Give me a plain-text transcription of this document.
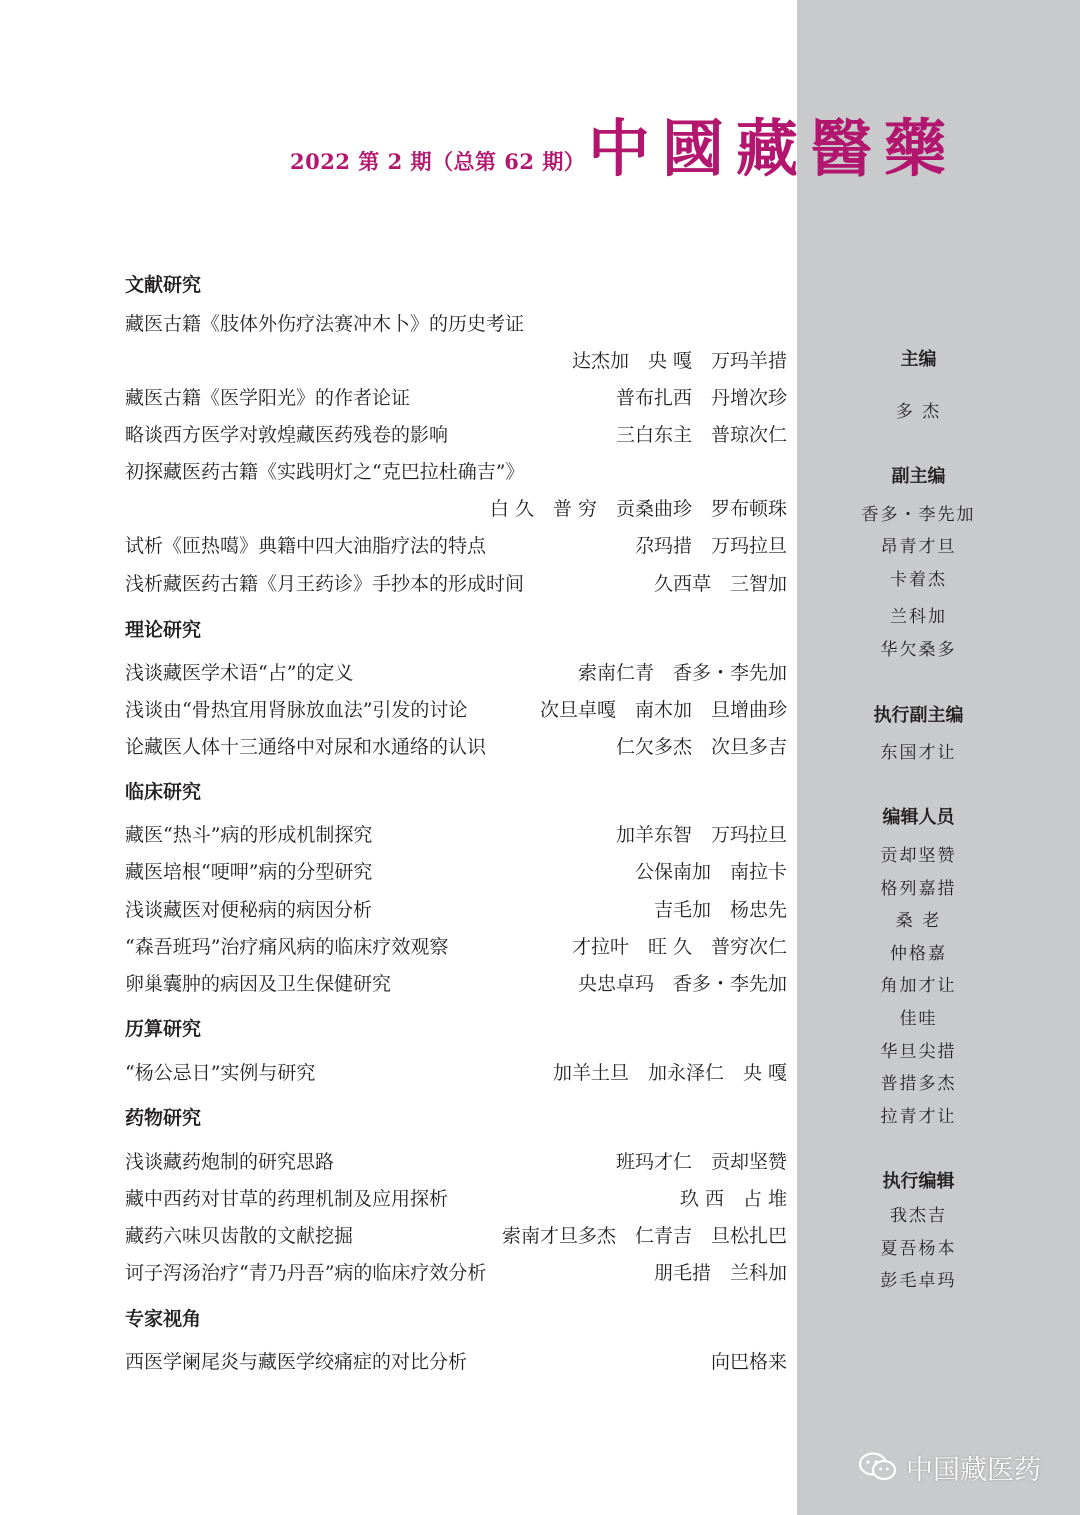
2022 第 2 期（总第 62 期） 中國藏醫藥
文献研究
藏医古籍《肢体外伤疗法赛冲木卜》的历史考证
达杰加　央 嘎　万玛羊措
藏医古籍《医学阳光》的作者论证	普布扎西　丹增次珍
略谈西方医学对敦煌藏医药残卷的影响	三白东主　普琼次仁
初探藏医药古籍《实践明灯之“克巴拉杜确吉”》
白 久　普 穷　贡桑曲珍　罗布顿珠
试析《匝热噶》典籍中四大油脂疗法的特点	尕玛措　万玛拉旦
浅析藏医药古籍《月王药诊》手抄本的形成时间	久西草　三智加
理论研究
浅谈藏医学术语“占”的定义	索南仁青　香多・李先加
浅谈由“骨热宜用肾脉放血法”引发的讨论	次旦卓嘎　南木加　旦增曲珍
论藏医人体十三通络中对尿和水通络的认识	仁欠多杰　次旦多吉
临床研究
藏医“热斗”病的形成机制探究	加羊东智　万玛拉旦
藏医培根“哽呷”病的分型研究	公保南加　南拉卡
浅谈藏医对便秘病的病因分析	吉毛加　杨忠先
“森吾班玛”治疗痛风病的临床疗效观察	才拉叶　旺 久　普穷次仁
卵巢囊肿的病因及卫生保健研究	央忠卓玛　香多・李先加
历算研究
“杨公忌日”实例与研究	加羊土旦　加永泽仁　央 嘎
药物研究
浅谈藏药炮制的研究思路	班玛才仁　贡却坚赞
藏中西药对甘草的药理机制及应用探析	玖 西　占 堆
藏药六味贝齿散的文献挖掘	索南才旦多杰　仁青吉　旦松扎巴
诃子泻汤治疗“青乃丹吾”病的临床疗效分析	朋毛措　兰科加
专家视角
西医学阑尾炎与藏医学绞痛症的对比分析	向巴格来
主编
多 杰
副主编
香多・李先加
昂青才旦
卡着杰
兰科加
华欠桑多
执行副主编
东国才让
编辑人员
贡却坚赞
格列嘉措
桑 老
仲格嘉
角加才让
佳哇
华旦尖措
普措多杰
拉青才让
执行编辑
我杰吉
夏吾杨本
彭毛卓玛
中国藏医药
